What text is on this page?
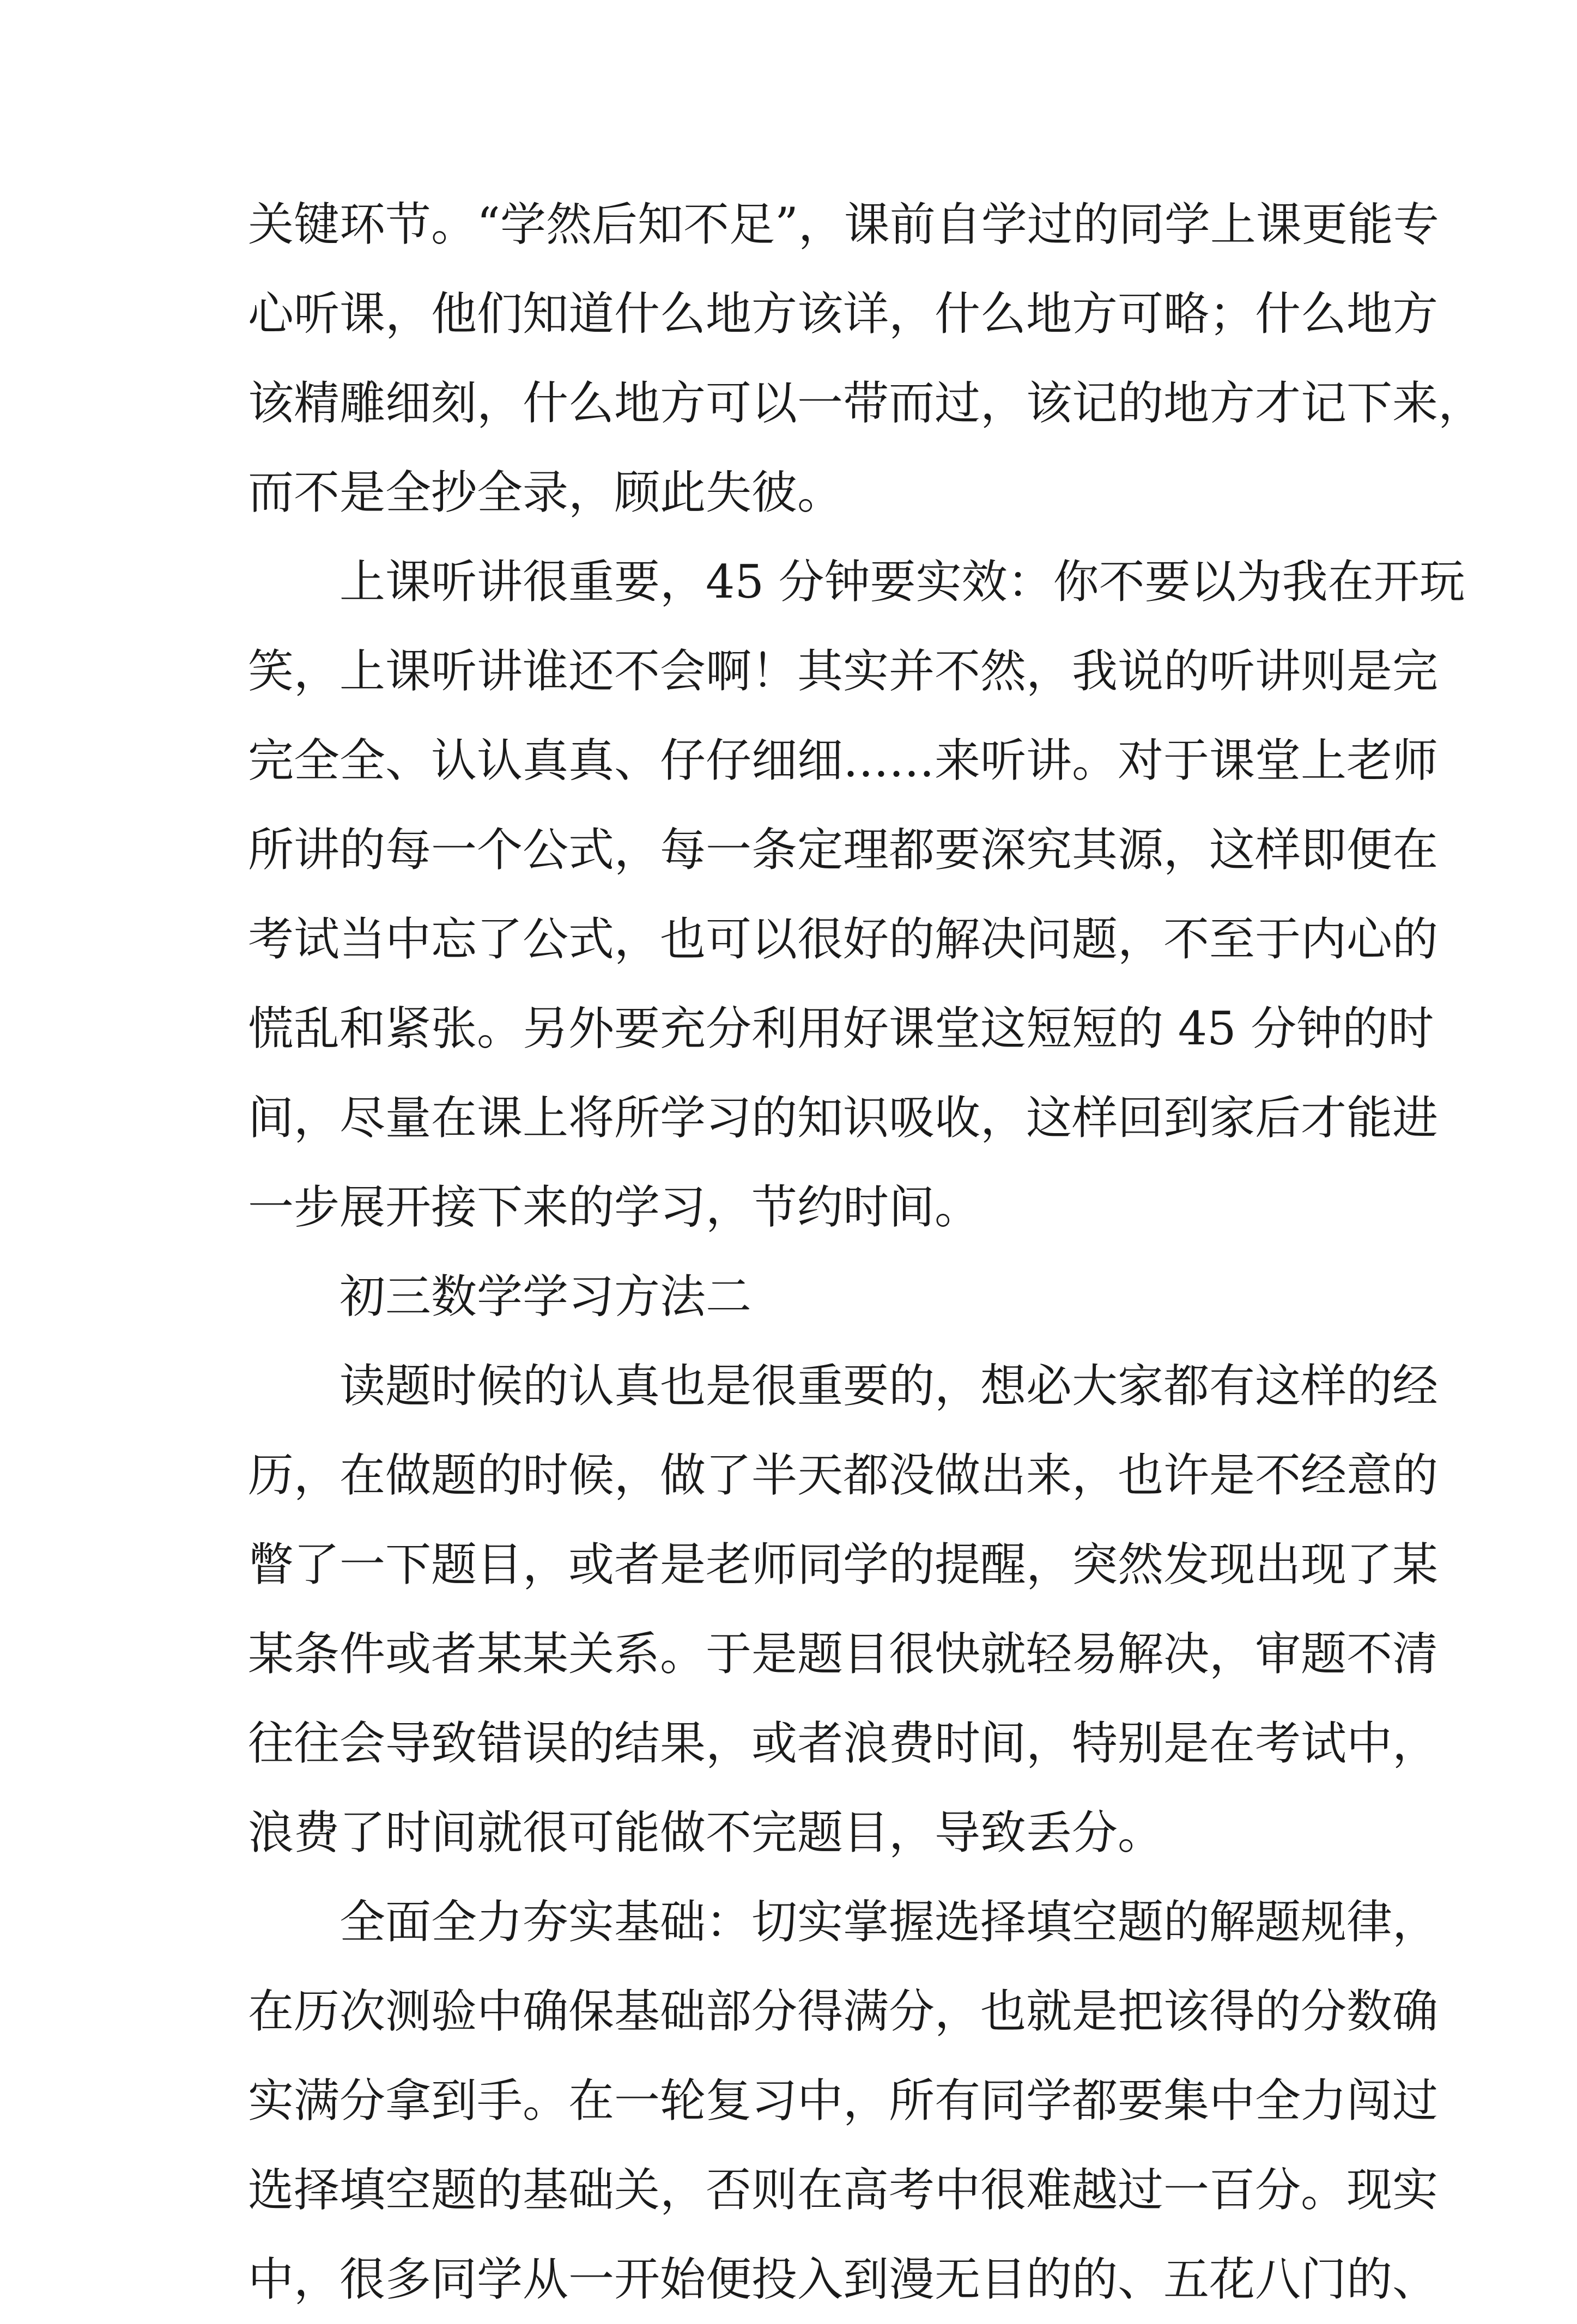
关键环节。“学然后知不足”，课前自学过的同学上课更能专
心听课，他们知道什么地方该详，什么地方可略；什么地方
该精雕细刻，什么地方可以一带而过，该记的地方才记下来，
而不是全抄全录，顾此失彼。
上课听讲很重要，45 分钟要实效：你不要以为我在开玩
笑，上课听讲谁还不会啊！其实并不然，我说的听讲则是完
完全全、认认真真、仔仔细细……来听讲。对于课堂上老师
所讲的每一个公式，每一条定理都要深究其源，这样即便在
考试当中忘了公式，也可以很好的解决问题，不至于内心的
慌乱和紧张。另外要充分利用好课堂这短短的 45 分钟的时
间，尽量在课上将所学习的知识吸收，这样回到家后才能进
一步展开接下来的学习，节约时间。
初三数学学习方法二
读题时候的认真也是很重要的，想必大家都有这样的经
历，在做题的时候，做了半天都没做出来，也许是不经意的
瞥了一下题目，或者是老师同学的提醒，突然发现出现了某
某条件或者某某关系。于是题目很快就轻易解决，审题不清
往往会导致错误的结果，或者浪费时间，特别是在考试中，
浪费了时间就很可能做不完题目，导致丢分。
全面全力夯实基础：切实掌握选择填空题的解题规律，
在历次测验中确保基础部分得满分，也就是把该得的分数确
实满分拿到手。在一轮复习中，所有同学都要集中全力闯过
选择填空题的基础关，否则在高考中很难越过一百分。现实
中，很多同学从一开始便投入到漫无目的的、五花八门的、
